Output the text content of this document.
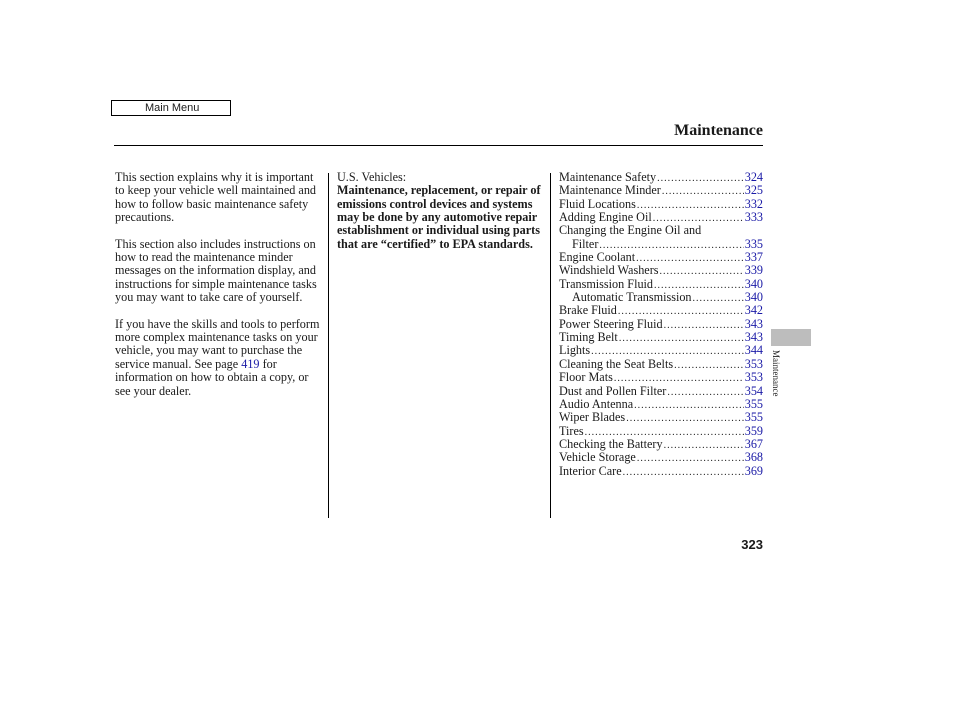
Main Menu
Maintenance

This section explains why it is important to keep your vehicle well maintained and how to follow basic maintenance safety precautions.

This section also includes instructions on how to read the maintenance minder messages on the information display, and instructions for simple maintenance tasks you may want to take care of yourself.

If you have the skills and tools to perform more complex maintenance tasks on your vehicle, you may want to purchase the service manual. See page 419 for information on how to obtain a copy, or see your dealer.

U.S. Vehicles:
Maintenance, replacement, or repair of emissions control devices and systems may be done by any automotive repair establishment or individual using parts that are “certified” to EPA standards.
Maintenance Safety .....	324
Maintenance Minder .....	325
Fluid Locations .....	332
Adding Engine Oil .....	333
Changing the Engine Oil and
Filter .....	335
Engine Coolant .....	337
Windshield Washers .....	339
Transmission Fluid .....	340
Automatic Transmission .....	340
Brake Fluid .....	342
Power Steering Fluid .....	343
Timing Belt .....	343
Lights .....	344
Cleaning the Seat Belts .....	353
Floor Mats .....	353
Dust and Pollen Filter .....	354
Audio Antenna .....	355
Wiper Blades .....	355
Tires .....	359
Checking the Battery .....	367
Vehicle Storage .....	368
Interior Care .....	369
Maintenance
323
